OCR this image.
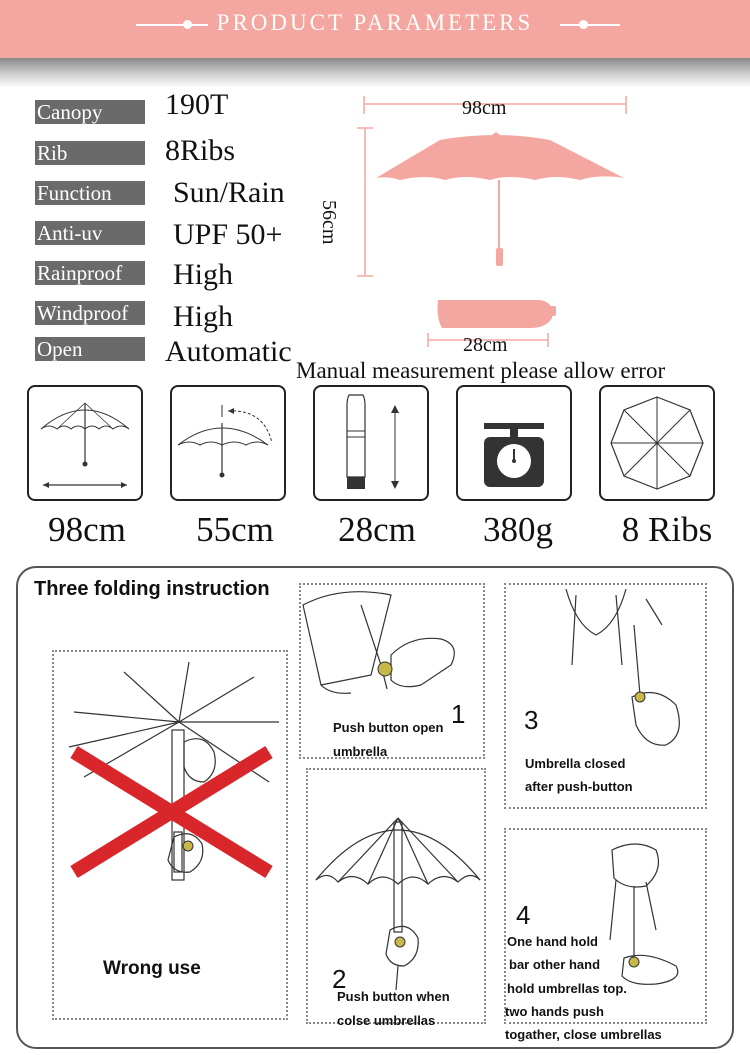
PRODUCT PARAMETERS
Canopy	190T
Rib	8Ribs
Function	Sun/Rain
Anti-uv	UPF 50+
Rainproof	High
Windproof	High
Open	Automatic
98cm
56cm
28cm
Manual measurement please allow error
98cm	55cm	28cm	380g	8 Ribs
Three folding instruction
Wrong use
1
Push button open
umbrella
2
Push button when
colse umbrellas
3
Umbrella closed
after push-button
4
One hand hold
bar other hand
hold umbrellas top.
two hands push
togather, close umbrellas
